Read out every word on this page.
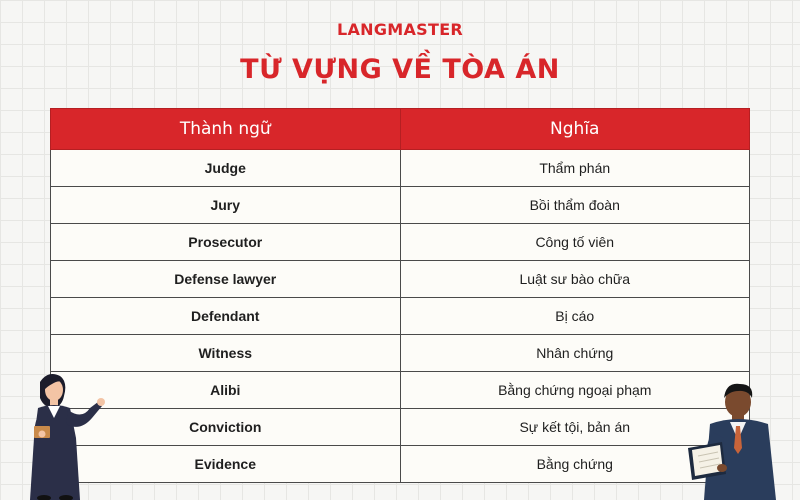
LANGMASTER
TỪ VỰNG VỀ TÒA ÁN
Thành ngữ	Nghĩa
Judge	Thẩm phán
Jury	Bồi thẩm đoàn
Prosecutor	Công tố viên
Defense lawyer	Luật sư bào chữa
Defendant	Bị cáo
Witness	Nhân chứng
Alibi	Bằng chứng ngoại phạm
Conviction	Sự kết tội, bản án
Evidence	Bằng chứng
